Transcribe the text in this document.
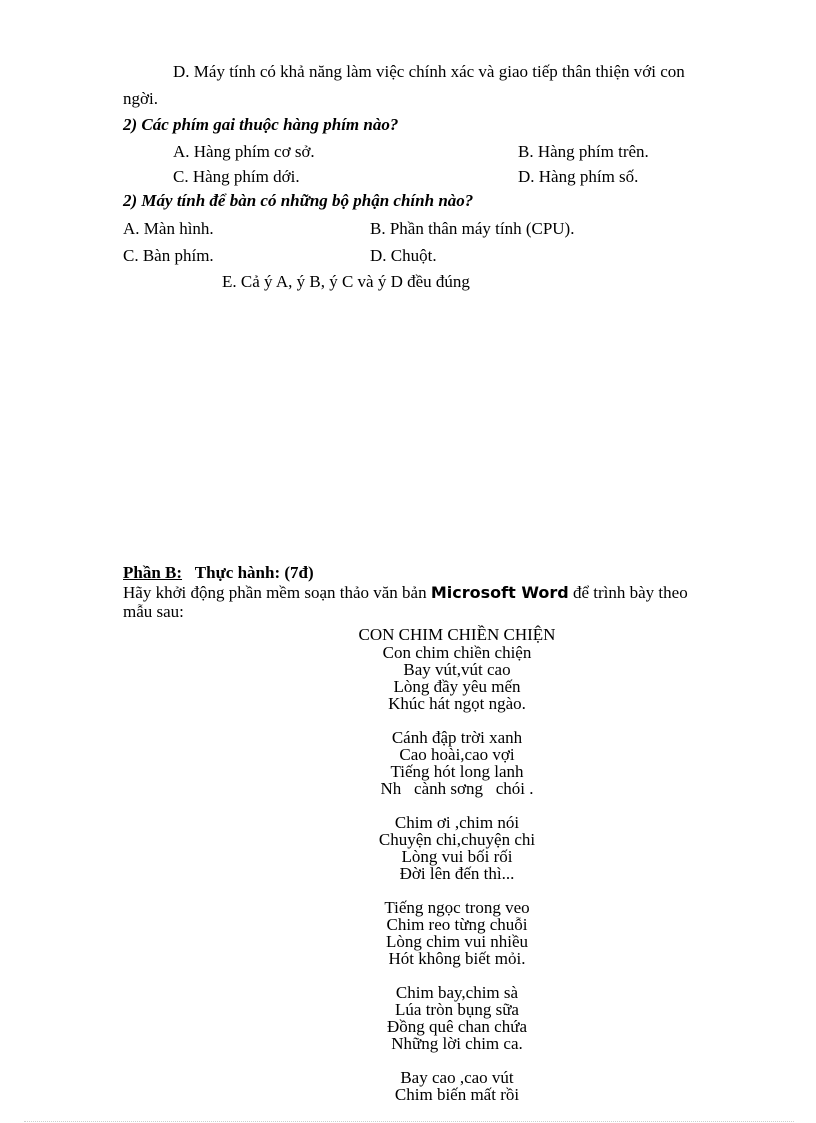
D. Máy tính có khả năng làm việc chính xác và giao tiếp thân thiện với con
ngời.
2) Các phím gai thuộc hàng phím nào?
A. Hàng phím cơ sở.	B. Hàng phím trên.
C. Hàng phím dới.	D. Hàng phím số.
2) Máy tính để bàn có những bộ phận chính nào?
A. Màn hình.	B. Phần thân máy tính (CPU).
C. Bàn phím.	D. Chuột.
E. Cả ý A, ý B, ý C và ý D đều đúng
Phần B: Thực hành: (7đ)
Hãy khởi động phần mềm soạn thảo văn bản Microsoft Word để trình bày theo
mẫu sau:
CON CHIM CHIỀN CHIỆN
Con chim chiền chiện
Bay vút,vút cao
Lòng đầy yêu mến
Khúc hát ngọt ngào.
Cánh đập trời xanh
Cao hoài,cao vợi
Tiếng hót long lanh
Nh   cành sơng   chói .
Chim ơi ,chim nói
Chuyện chi,chuyện chi
Lòng vui bối rối
Đời lên đến thì...
Tiếng ngọc trong veo
Chim reo từng chuỗi
Lòng chim vui nhiều
Hót không biết mỏi.
Chim bay,chim sà
Lúa tròn bụng sữa
Đồng quê chan chứa
Những lời chim ca.
Bay cao ,cao vút
Chim biến mất rồi
